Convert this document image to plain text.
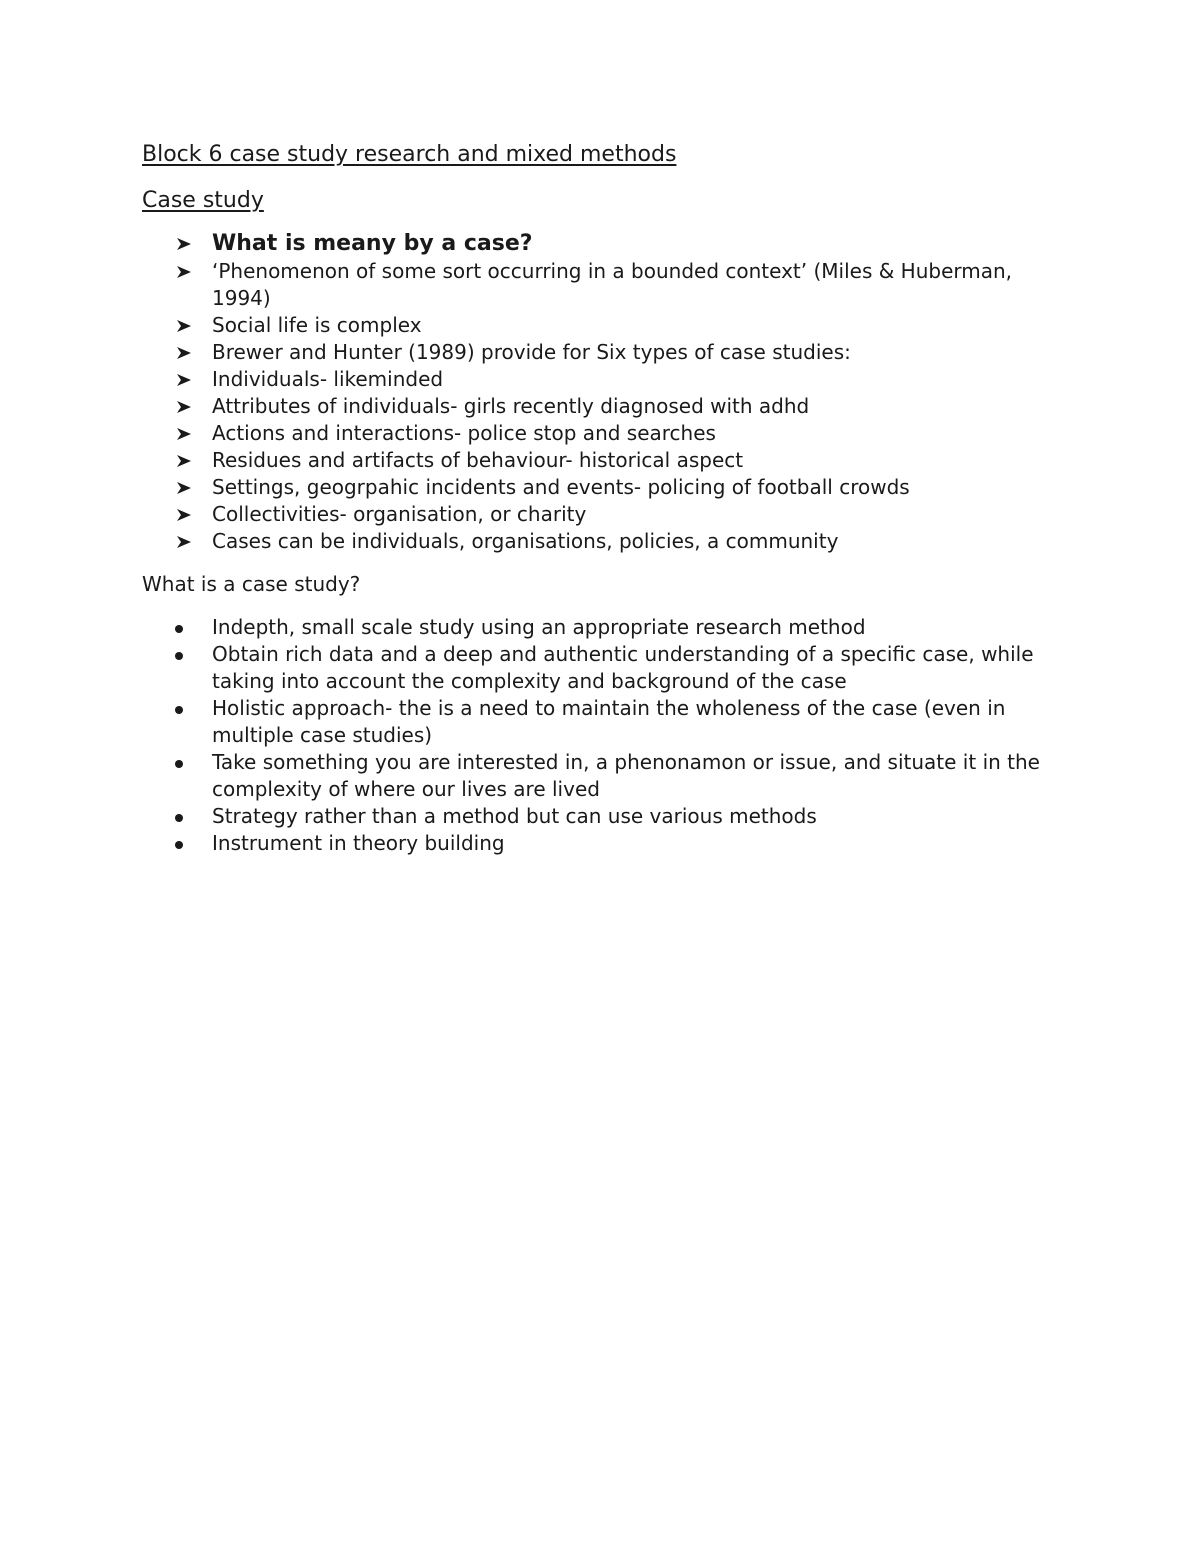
Block 6 case study research and mixed methods
Case study
What is meany by a case?
‘Phenomenon of some sort occurring in a bounded context’ (Miles & Huberman, 1994)
Social life is complex
Brewer and Hunter (1989) provide for Six types of case studies:
Individuals- likeminded
Attributes of individuals- girls recently diagnosed with adhd
Actions and interactions- police stop and searches
Residues and artifacts of behaviour- historical aspect
Settings, geogrpahic incidents and events- policing of football crowds
Collectivities- organisation, or charity
Cases can be individuals, organisations, policies, a community

What is a case study?

Indepth, small scale study using an appropriate research method
Obtain rich data and a deep and authentic understanding of a specific case, while taking into account the complexity and background of the case
Holistic approach- the is a need to maintain the wholeness of the case (even in multiple case studies)
Take something you are interested in, a phenonamon or issue, and situate it in the complexity of where our lives are lived
Strategy rather than a method but can use various methods
Instrument in theory building
